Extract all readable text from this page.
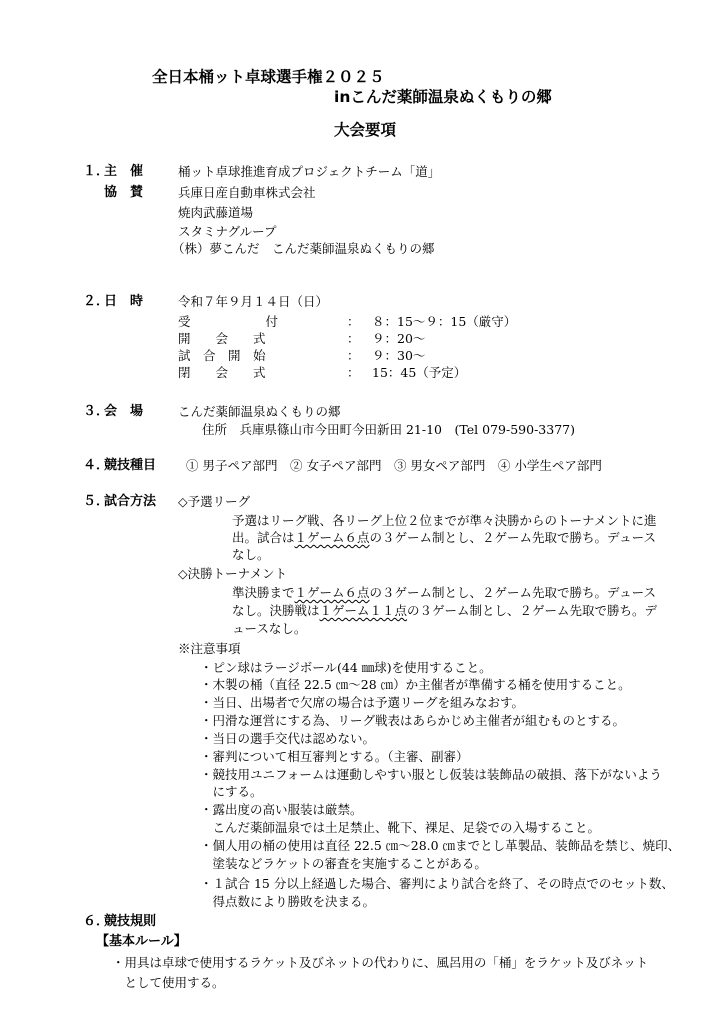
全日本桶ット卓球選手権２０２５
inこんだ薬師温泉ぬくもりの郷
大会要項
１．
主　催	桶ット卓球推進育成プロジェクトチーム「道」
協　賛	兵庫日産自動車株式会社
焼肉武藤道場
スタミナグループ
（株）夢こんだ　こんだ薬師温泉ぬくもりの郷
２．
日　時	令和７年９月１４日（日）
受　　　　　　付	： ８：15〜９：15（厳守）
開　　会　　式	： ９：20〜
試　合　開　始	： ９：30〜
閉　　会　　式	： 15：45（予定）
３．
会　場	こんだ薬師温泉ぬくもりの郷
住所　兵庫県篠山市今田町今田新田 21-10　(Tel 079-590-3377)
４．
競技種目 ① 男子ペア部門　② 女子ペア部門　③ 男女ペア部門　④ 小学生ペア部門
５．
試合方法 ◇予選リーグ
予選はリーグ戦、各リーグ上位２位までが準々決勝からのトーナメントに進
出。試合は１ゲーム６点の３ゲーム制とし、２ゲーム先取で勝ち。デュース
なし。
◇決勝トーナメント
準決勝まで１ゲーム６点の３ゲーム制とし、２ゲーム先取で勝ち。デュース
なし。決勝戦は１ゲーム１１点の３ゲーム制とし、２ゲーム先取で勝ち。デ
ュースなし。
※注意事項
・ピン球はラージボール(44 ㎜球)を使用すること。
・木製の桶（直径 22.5 ㎝〜28 ㎝）か主催者が準備する桶を使用すること。
・当日、出場者で欠席の場合は予選リーグを組みなおす。
・円滑な運営にする為、リーグ戦表はあらかじめ主催者が組むものとする。
・当日の選手交代は認めない。
・審判について相互審判とする。（主審、副審）
・競技用ユニフォームは運動しやすい服とし仮装は装飾品の破損、落下がないよう
　にする。
・露出度の高い服装は厳禁。
　こんだ薬師温泉では土足禁止、靴下、裸足、足袋での入場すること。
・個人用の桶の使用は直径 22.5 ㎝〜28.0 ㎝までとし革製品、装飾品を禁じ、焼印、
　塗装などラケットの審査を実施することがある。
・１試合 15 分以上経過した場合、審判により試合を終了、その時点でのセット数、
　得点数により勝敗を決まる。
６．
競技規則
【基本ルール】
・用具は卓球で使用するラケット及びネットの代わりに、風呂用の「桶」をラケット及びネット
　として使用する。
